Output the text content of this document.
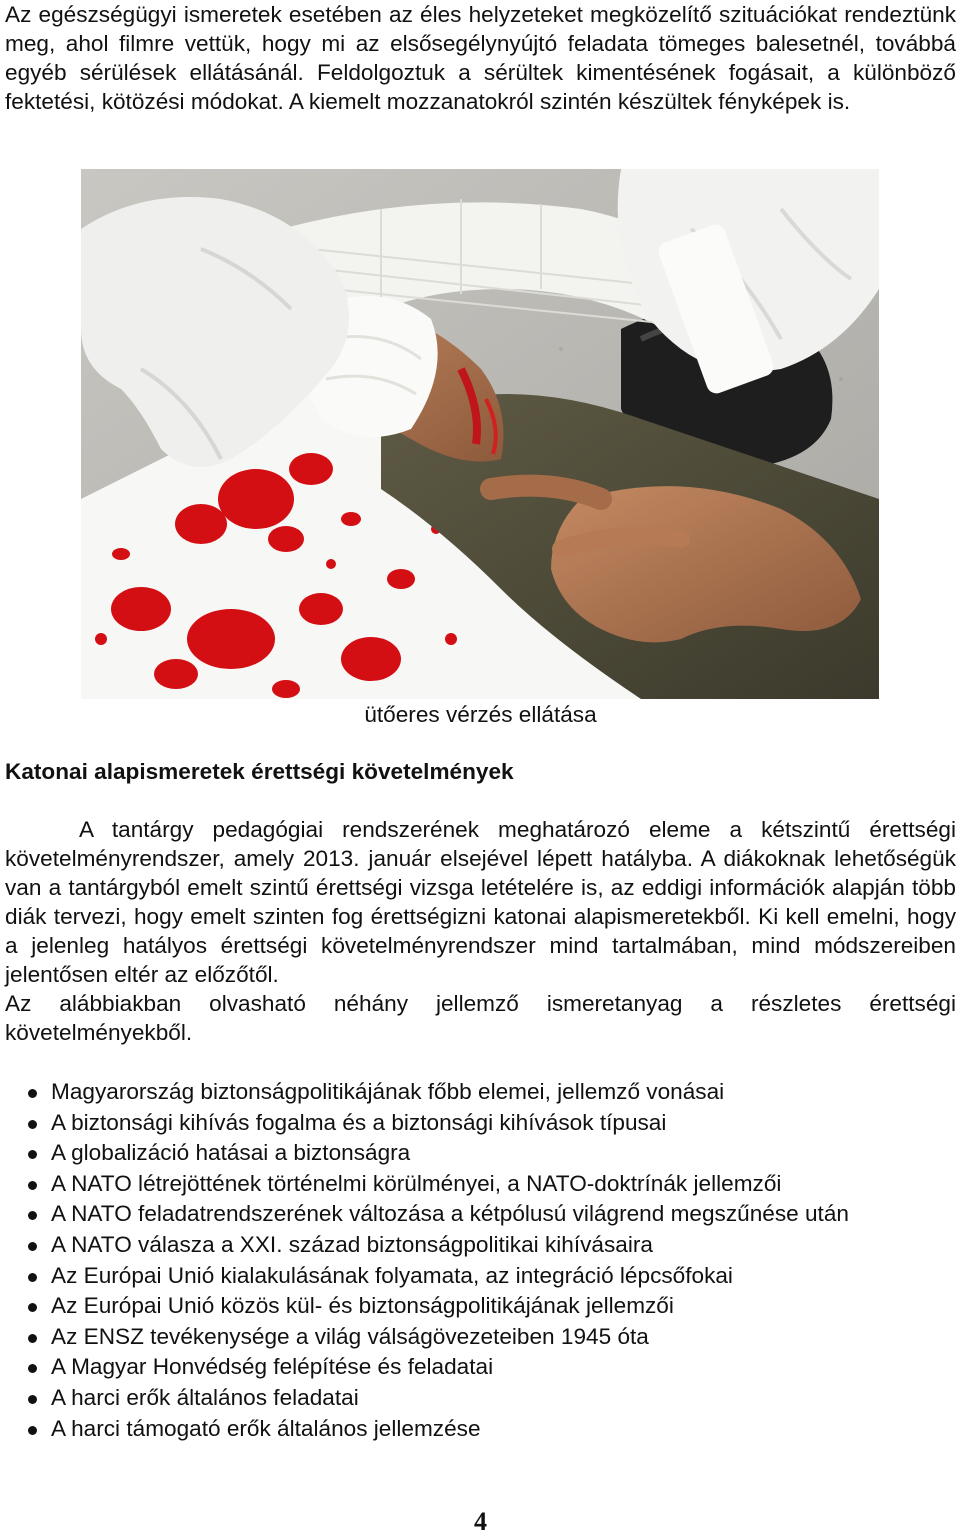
Az egészségügyi ismeretek esetében az éles helyzeteket megközelítő szituációkat rendeztünk meg, ahol filmre vettük, hogy mi az elsősegélynyújtó feladata tömeges balesetnél, továbbá egyéb sérülések ellátásánál. Feldolgoztuk a sérültek kimentésének fogásait, a különböző fektetési, kötözési módokat. A kiemelt mozzanatokról szintén készültek fényképek is.

ütőeres vérzés ellátása
Katonai alapismeretek érettségi követelmények

A tantárgy pedagógiai rendszerének meghatározó eleme a kétszintű érettségi követelményrendszer, amely 2013. január elsejével lépett hatályba. A diákoknak lehetőségük van a tantárgyból emelt szintű érettségi vizsga letételére is, az eddigi információk alapján több diák tervezi, hogy emelt szinten fog érettségizni katonai alapismeretekből. Ki kell emelni, hogy a jelenleg hatályos érettségi követelményrendszer mind tartalmában, mind módszereiben jelentősen eltér az előzőtől.

Az alábbiakban olvasható néhány jellemző ismeretanyag a részletes érettségi követelményekből.

Magyarország biztonságpolitikájának főbb elemei, jellemző vonásai
A biztonsági kihívás fogalma és a biztonsági kihívások típusai
A globalizáció hatásai a biztonságra
A NATO létrejöttének történelmi körülményei, a NATO-doktrínák jellemzői
A NATO feladatrendszerének változása a kétpólusú világrend megszűnése után
A NATO válasza a XXI. század biztonságpolitikai kihívásaira
Az Európai Unió kialakulásának folyamata, az integráció lépcsőfokai
Az Európai Unió közös kül- és biztonságpolitikájának jellemzői
Az ENSZ tevékenysége a világ válságövezeteiben 1945 óta
A Magyar Honvédség felépítése és feladatai
A harci erők általános feladatai
A harci támogató erők általános jellemzése
4
